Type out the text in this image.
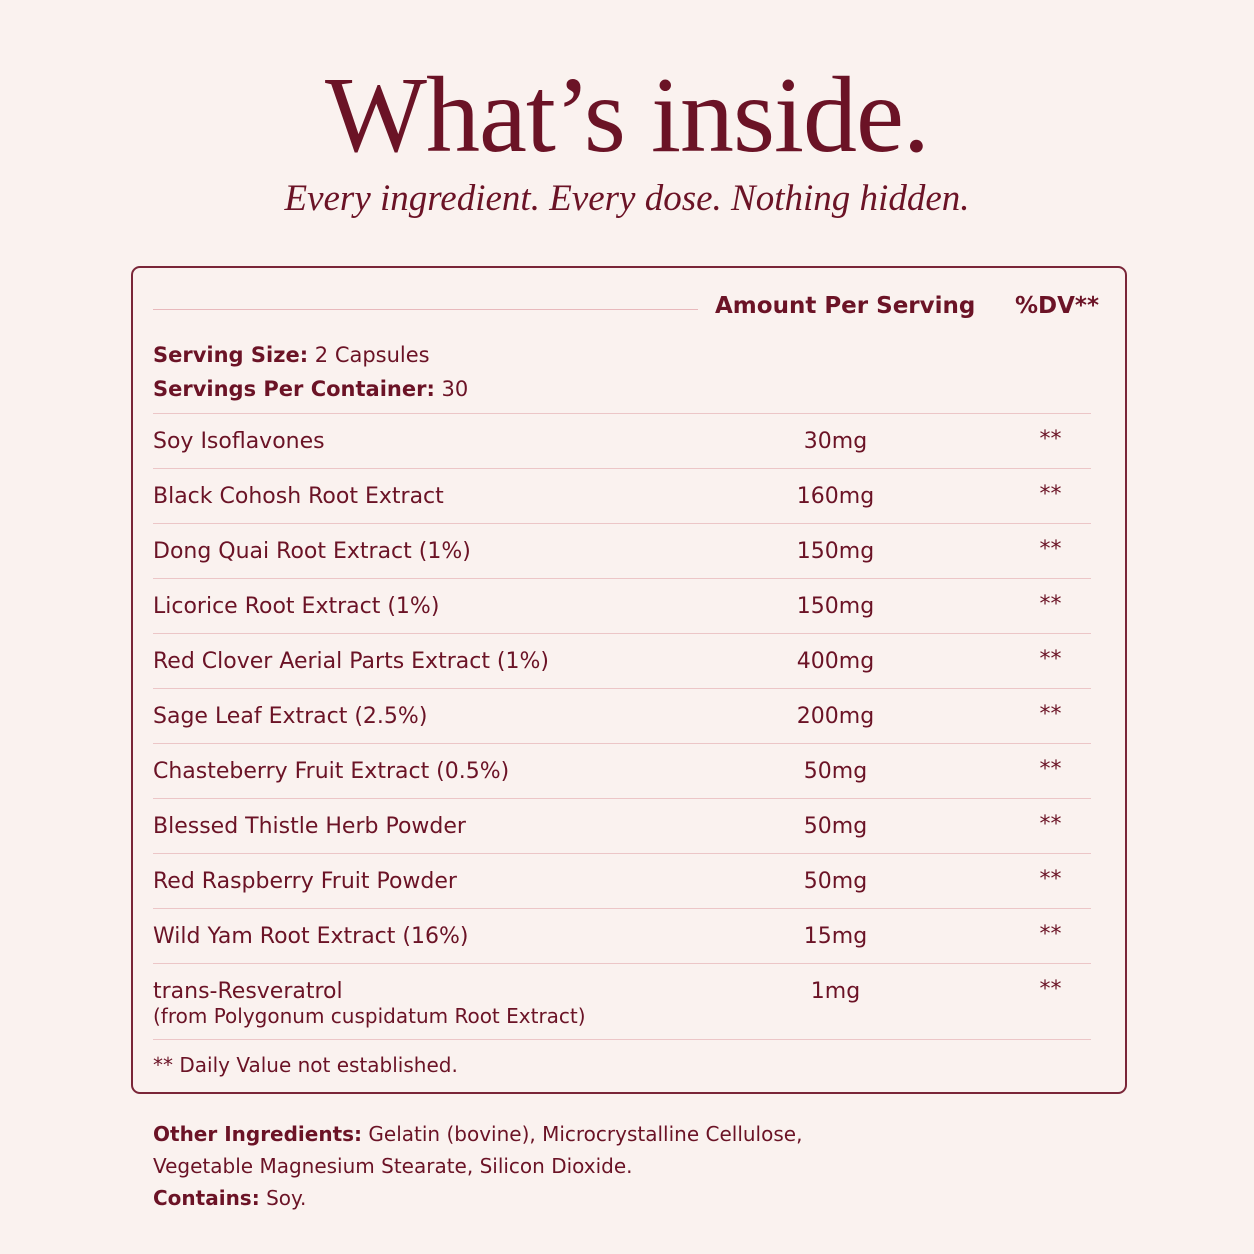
What’s inside.
Every ingredient. Every dose. Nothing hidden.
Amount Per Serving %DV**
Serving Size: 2 Capsules
Servings Per Container: 30
Soy Isoflavones	30mg	**
Black Cohosh Root Extract	160mg	**
Dong Quai Root Extract (1%)	150mg	**
Licorice Root Extract (1%)	150mg	**
Red Clover Aerial Parts Extract (1%)	400mg	**
Sage Leaf Extract (2.5%)	200mg	**
Chasteberry Fruit Extract (0.5%)	50mg	**
Blessed Thistle Herb Powder	50mg	**
Red Raspberry Fruit Powder	50mg	**
Wild Yam Root Extract (16%)	15mg	**
trans-Resveratrol
(from Polygonum cuspidatum Root Extract)
1mg	**
** Daily Value not established.
Other Ingredients: Gelatin (bovine), Microcrystalline Cellulose,
Vegetable Magnesium Stearate, Silicon Dioxide.
Contains: Soy.
